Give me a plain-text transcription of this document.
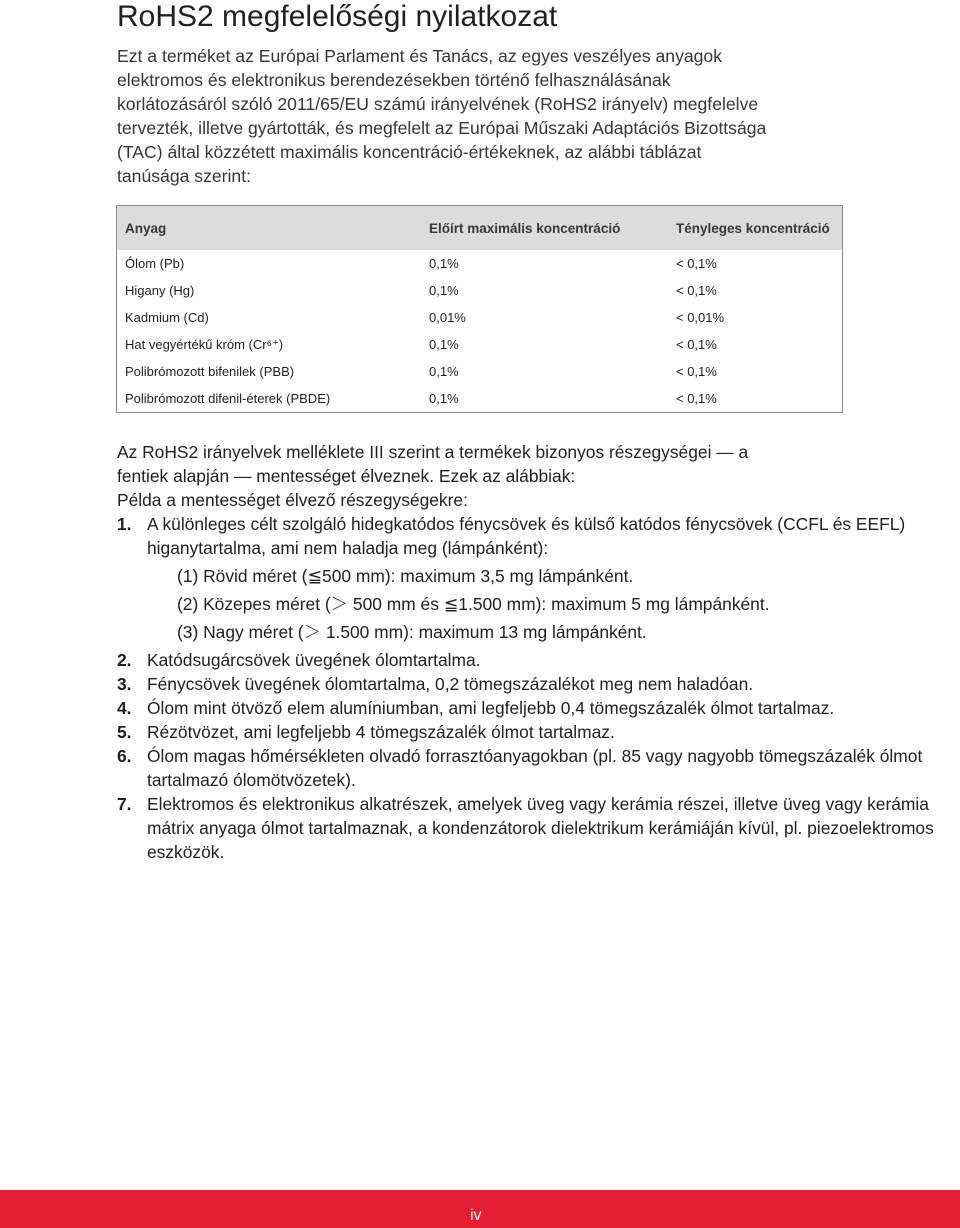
RoHS2 megfelelőségi nyilatkozat

Ezt a terméket az Európai Parlament és Tanács, az egyes veszélyes anyagok
elektromos és elektronikus berendezésekben történő felhasználásának
korlátozásáról szóló 2011/65/EU számú irányelvének (RoHS2 irányelv) megfelelve
tervezték, illetve gyártották, és megfelelt az Európai Műszaki Adaptációs Bizottsága
(TAC) által közzétett maximális koncentráció-értékeknek, az alábbi táblázat
tanúsága szerint:

Anyag	Előírt maximális koncentráció	Tényleges koncentráció
Ólom (Pb)	0,1%	< 0,1%
Higany (Hg)	0,1%	< 0,1%
Kadmium (Cd)	0,01%	< 0,01%
Hat vegyértékű króm (Cr⁶⁺)	0,1%	< 0,1%
Polibrómozott bifenilek (PBB)	0,1%	< 0,1%
Polibrómozott difenil-éterek (PBDE)	0,1%	< 0,1%

Az RoHS2 irányelvek melléklete III szerint a termékek bizonyos részegységei — a

fentiek alapján — mentességet élveznek. Ezek az alábbiak:

Példa a mentességet élvező részegységekre:

1. A különleges célt szolgáló hidegkatódos fénycsövek és külső katódos fénycsövek (CCFL és EEFL) higanytartalma, ami nem haladja meg (lámpánként):
(1) Rövid méret (≦500 mm): maximum 3,5 mg lámpánként.
(2) Közepes méret (＞ 500 mm és ≦1.500 mm): maximum 5 mg lámpánként.
(3) Nagy méret (＞ 1.500 mm): maximum 13 mg lámpánként.
2. Katódsugárcsövek üvegének ólomtartalma.
3. Fénycsövek üvegének ólomtartalma, 0,2 tömegszázalékot meg nem haladóan.
4. Ólom mint ötvöző elem alumíniumban, ami legfeljebb 0,4 tömegszázalék ólmot tartalmaz.
5. Rézötvözet, ami legfeljebb 4 tömegszázalék ólmot tartalmaz.
6. Ólom magas hőmérsékleten olvadó forrasztóanyagokban (pl. 85 vagy nagyobb tömegszázalék ólmot tartalmazó ólomötvözetek).
7. Elektromos és elektronikus alkatrészek, amelyek üveg vagy kerámia részei, illetve üveg vagy kerámia mátrix anyaga ólmot tartalmaznak, a kondenzátorok dielektrikum kerámiáján kívül, pl. piezoelektromos eszközök.
iv
